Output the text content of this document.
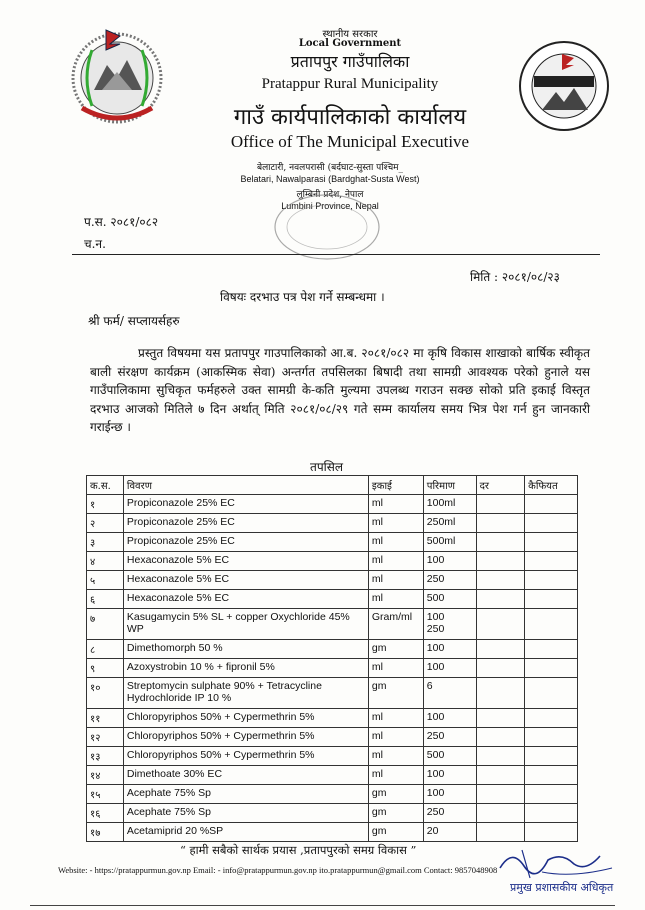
स्थानीय सरकार
Local Government
प्रतापपुर गाउँपालिका
Pratappur Rural Municipality
गाउँ कार्यपालिकाको कार्यालय
Office of The Municipal Executive
बेलाटारी, नवलपरासी (बर्दघाट-सुस्ता पश्चिम_
Belatari, Nawalparasi (Bardghat-Susta West)
लुम्बिनी प्रदेश, नेपाल
Lumbini Province, Nepal
प.स. २०८१/०८२
च.न.
मिति : २०८१/०८/२३
विषयः दरभाउ पत्र पेश गर्ने सम्बन्धमा ।
श्री फर्म/ सप्लायर्सहरु
प्रस्तुत विषयमा यस प्रतापपुर गाउपालिकाको आ.ब. २०८१/०८२ मा कृषि विकास शाखाको बार्षिक स्वीकृत बाली संरक्षण कार्यक्रम (आकस्मिक सेवा) अन्तर्गत तपसिलका बिषादी तथा सामग्री आवश्यक परेको हुनाले यस गाउँपालिकामा सुचिकृत फर्महरुले उक्त सामग्री के-कति मुल्यमा उपलब्ध गराउन सक्छ सोको प्रति इकाई विस्तृत दरभाउ आजको मितिले ७ दिन अर्थात् मिति २०८१/०८/२९ गते सम्म कार्यालय समय भित्र पेश गर्न हुन जानकारी गराईन्छ ।
तपसिल
क.स.	विवरण	इकाई	परिमाण	दर	कैफियत
१	Propiconazole 25% EC	ml	100ml		
२	Propiconazole 25% EC	ml	250ml		
३	Propiconazole 25% EC	ml	500ml		
४	Hexaconazole 5% EC	ml	100		
५	Hexaconazole 5% EC	ml	250		
६	Hexaconazole 5% EC	ml	500		
७	Kasugamycin 5% SL + copper Oxychloride 45% WP	Gram/ml	100
250		

८	Dimethomorph 50 %	gm	100		
९	Azoxystrobin 10 % + fipronil 5%	ml	100		
१०	Streptomycin sulphate 90% + Tetracycline Hydrochloride IP 10 %	gm	6		
११	Chloropyriphos 50% + Cypermethrin 5%	ml	100		
१२	Chloropyriphos 50% + Cypermethrin 5%	ml	250		
१३	Chloropyriphos 50% + Cypermethrin 5%	ml	500		
१४	Dimethoate 30% EC	ml	100		
१५	Acephate 75% Sp	gm	100		
१६	Acephate 75% Sp	gm	250		
१७	Acetamiprid 20 %SP	gm	20		
“ हामी सबैको सार्थक प्रयास ,प्रतापपुरको समग्र विकास ”
Website: - https://pratappurmun.gov.np Email: - info@pratappurmun.gov.np ito.pratappurmun@gmail.com Contact: 9857048908
प्रमुख प्रशासकीय अधिकृत
